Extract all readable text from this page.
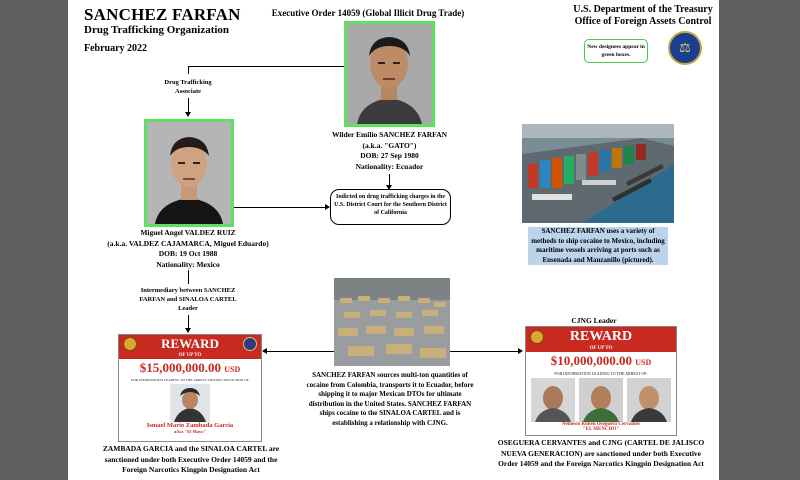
SANCHEZ FARFAN
Drug Trafficking Organization
February 2022
Executive Order 14059 (Global Illicit Drug Trade)	U.S. Department of the Treasury
Office of Foreign Assets Control
New designees appear in green boxes.	⚖
Drug Trafficking Associate
Wilder Emilio SANCHEZ FARFAN
(a.k.a. "GATO")
DOB: 27 Sep 1980
Nationality: Ecuador
Miguel Angel VALDEZ RUIZ
(a.k.a. VALDEZ CAJAMARCA, Miguel Eduardo)
DOB: 19 Oct 1988
Nationality: Mexico
Indicted on drug trafficking charges in the U.S. District Court for the Southern District of California
SANCHEZ FARFAN uses a variety of methods to ship cocaine to Mexico, including maritime vessels arriving at ports such as Ensenada and Manzanillo (pictured).
Intermediary between SANCHEZ FARFAN and SINALOA CARTEL Leader
SANCHEZ FARFAN sources multi-ton quantities of cocaine from Colombia, transports it to Ecuador, before shipping it to major Mexican DTOs for ultimate distribution in the United States. SANCHEZ FARFAN ships cocaine to the SINALOA CARTEL and is establishing a relationship with CJNG.
REWARD
OF UP TO
$15,000,000.00 USD
FOR INFORMATION LEADING TO THE ARREST AND/OR CONVICTION OF
Ismael Mario Zambada Garcia
a/k/a "El Mayo"
ZAMBADA GARCIA and the SINALOA CARTEL are sanctioned under both Executive Order 14059 and the Foreign Narcotics Kingpin Designation Act
CJNG Leader
REWARD
OF UP TO
$10,000,000.00 USD
FOR INFORMATION LEADING TO THE ARREST OF:
Nemesio Ruben Oseguera Cervantes
"EL MENCHO"
OSEGUERA CERVANTES and CJNG (CARTEL DE JALISCO NUEVA GENERACION) are sanctioned under both Executive Order 14059 and the Foreign Narcotics Kingpin Designation Act
